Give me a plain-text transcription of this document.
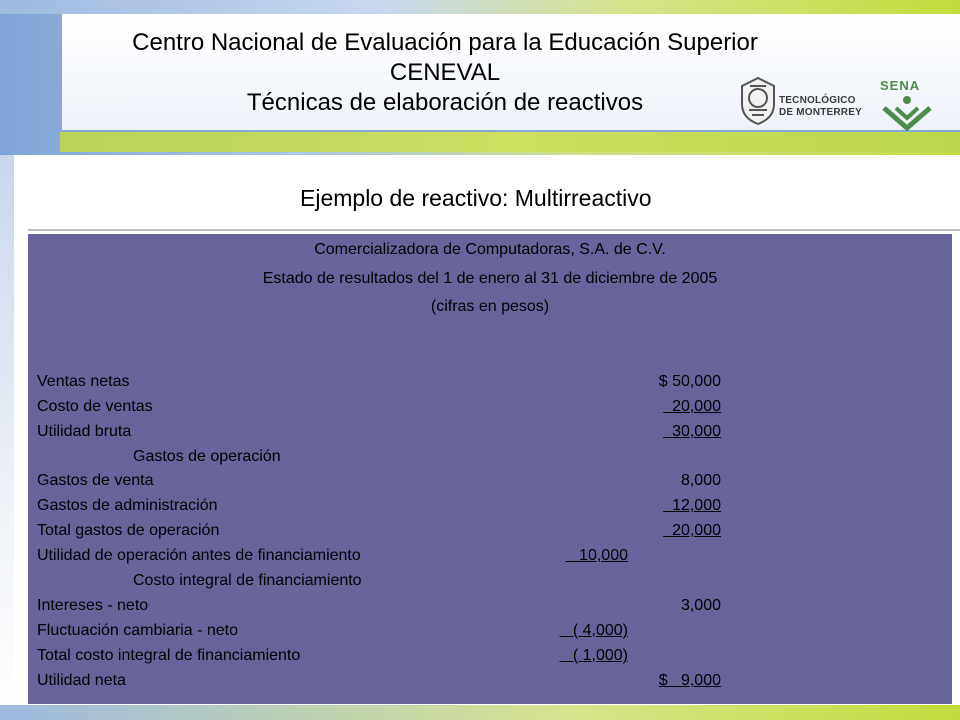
Centro Nacional de Evaluación para la Educación Superior
CENEVAL
Técnicas de elaboración de reactivos	TECNOLÓGICO
DE MONTERREY
SENA
Ejemplo de reactivo: Multirreactivo
Comercializadora de Computadoras, S.A. de C.V.
Estado de resultados del 1 de enero al 31 de diciembre de 2005
(cifras en pesos)
Ventas netas	$ 50,000
Costo de ventas	20,000
Utilidad bruta	30,000
Gastos de operación
Gastos de venta	8,000
Gastos de administración	12,000
Total gastos de operación	20,000
Utilidad de operación antes de financiamiento	10,000
Costo integral de financiamiento
Intereses - neto	3,000
Fluctuación cambiaria - neto	( 4,000)
Total costo integral de financiamiento	( 1,000)
Utilidad neta	$   9,000
